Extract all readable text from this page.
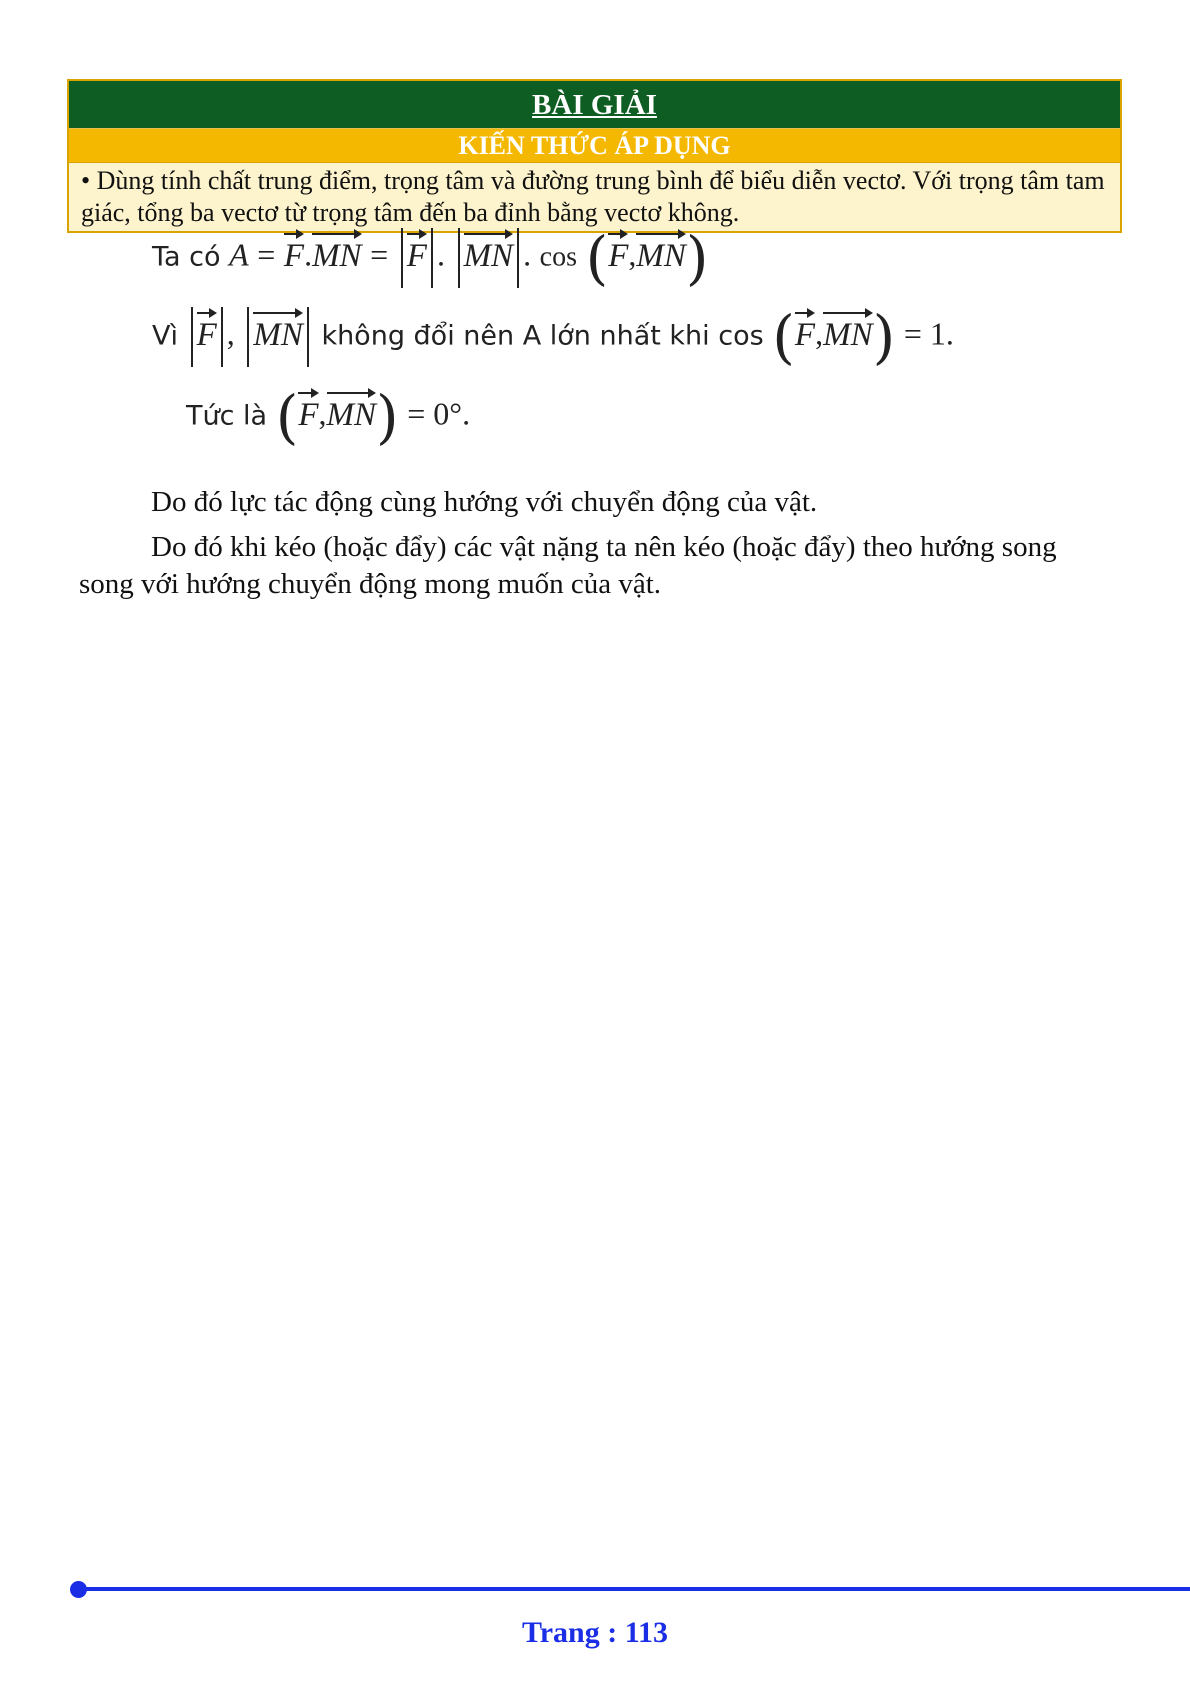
BÀI GIẢI
KIẾN THỨC ÁP DỤNG
• Dùng tính chất trung điểm, trọng tâm và đường trung bình để biểu diễn vectơ. Với trọng tâm tam giác, tổng ba vectơ từ trọng tâm đến ba đỉnh bằng vectơ không.
Ta có A = F.MN = F . MN . cos (F,MN)
Vì F , MN không đổi nên A lớn nhất khi cos (F,MN) = 1.
Tức là (F,MN) = 0°.
Do đó lực tác động cùng hướng với chuyển động của vật.
Do đó khi kéo (hoặc đẩy) các vật nặng ta nên kéo (hoặc đẩy) theo hướng song song với hướng chuyển động mong muốn của vật.
Trang : 113
